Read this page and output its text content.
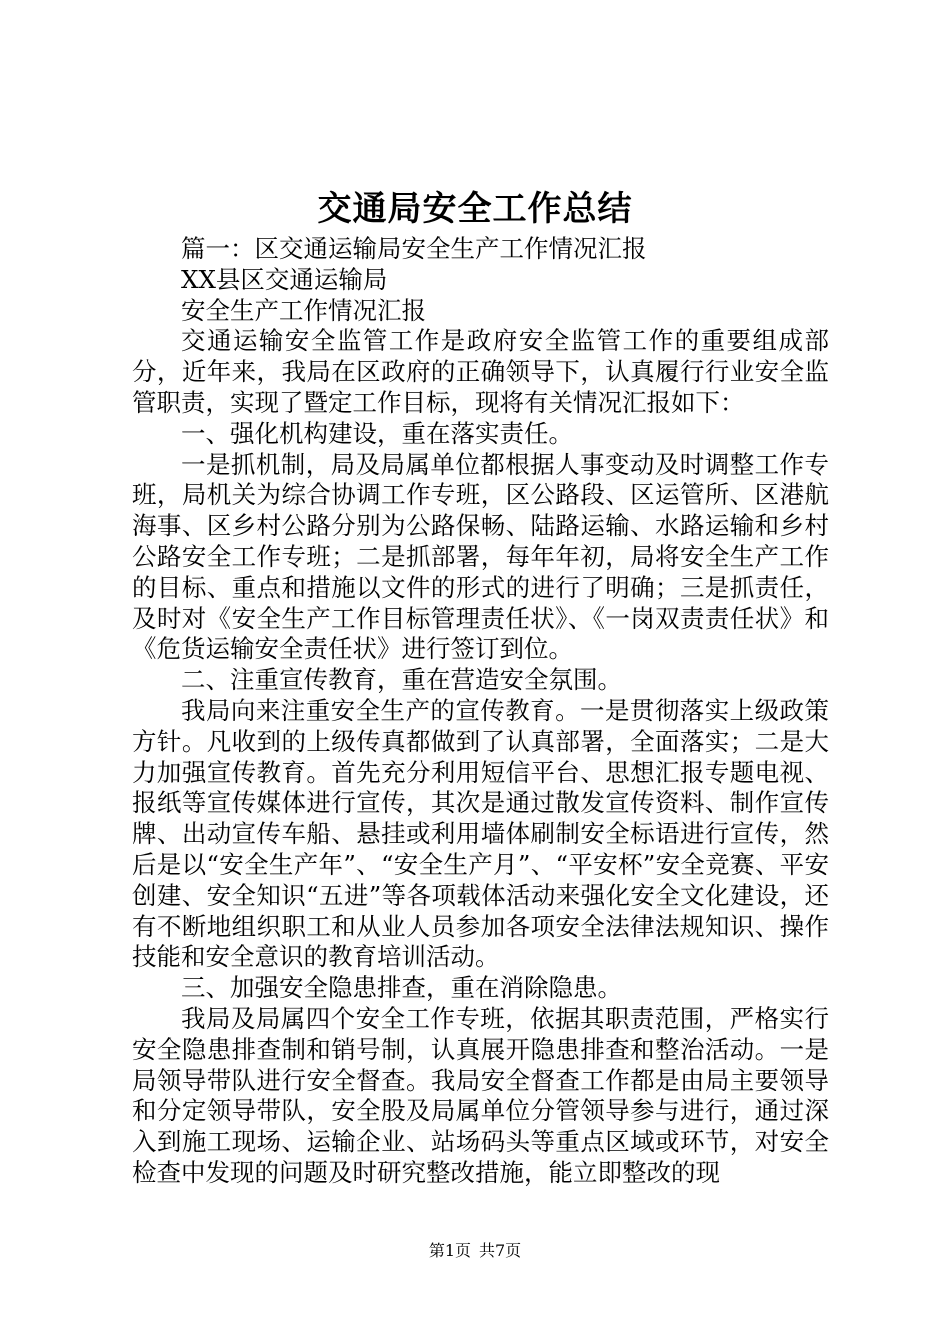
交通局安全工作总结

篇一：区交通运输局安全生产工作情况汇报

XX县区交通运输局

安全生产工作情况汇报

交通运输安全监管工作是政府安全监管工作的重要组成部分，近年来，我局在区政府的正确领导下，认真履行行业安全监管职责，实现了暨定工作目标，现将有关情况汇报如下：

一、强化机构建设，重在落实责任。

一是抓机制，局及局属单位都根据人事变动及时调整工作专班，局机关为综合协调工作专班，区公路段、区运管所、区港航海事、区乡村公路分别为公路保畅、陆路运输、水路运输和乡村公路安全工作专班；二是抓部署，每年年初，局将安全生产工作的目标、重点和措施以文件的形式的进行了明确；三是抓责任，及时对《安全生产工作目标管理责任状》、《一岗双责责任状》和《危货运输安全责任状》进行签订到位。

二、注重宣传教育，重在营造安全氛围。

我局向来注重安全生产的宣传教育。一是贯彻落实上级政策方针。凡收到的上级传真都做到了认真部署，全面落实；二是大力加强宣传教育。首先充分利用短信平台、思想汇报专题电视、报纸等宣传媒体进行宣传，其次是通过散发宣传资料、制作宣传牌、出动宣传车船、悬挂或利用墙体刷制安全标语进行宣传，然后是以“安全生产年”、“安全生产月”、“平安杯”安全竞赛、平安创建、安全知识“五进”等各项载体活动来强化安全文化建设，还有不断地组织职工和从业人员参加各项安全法律法规知识、操作技能和安全意识的教育培训活动。

三、加强安全隐患排查，重在消除隐患。

我局及局属四个安全工作专班，依据其职责范围，严格实行安全隐患排查制和销号制，认真展开隐患排查和整治活动。一是局领导带队进行安全督查。我局安全督查工作都是由局主要领导和分定领导带队，安全股及局属单位分管领导参与进行，通过深入到施工现场、运输企业、站场码头等重点区域或环节，对安全检查中发现的问题及时研究整改措施，能立即整改的现

第1页 共7页
